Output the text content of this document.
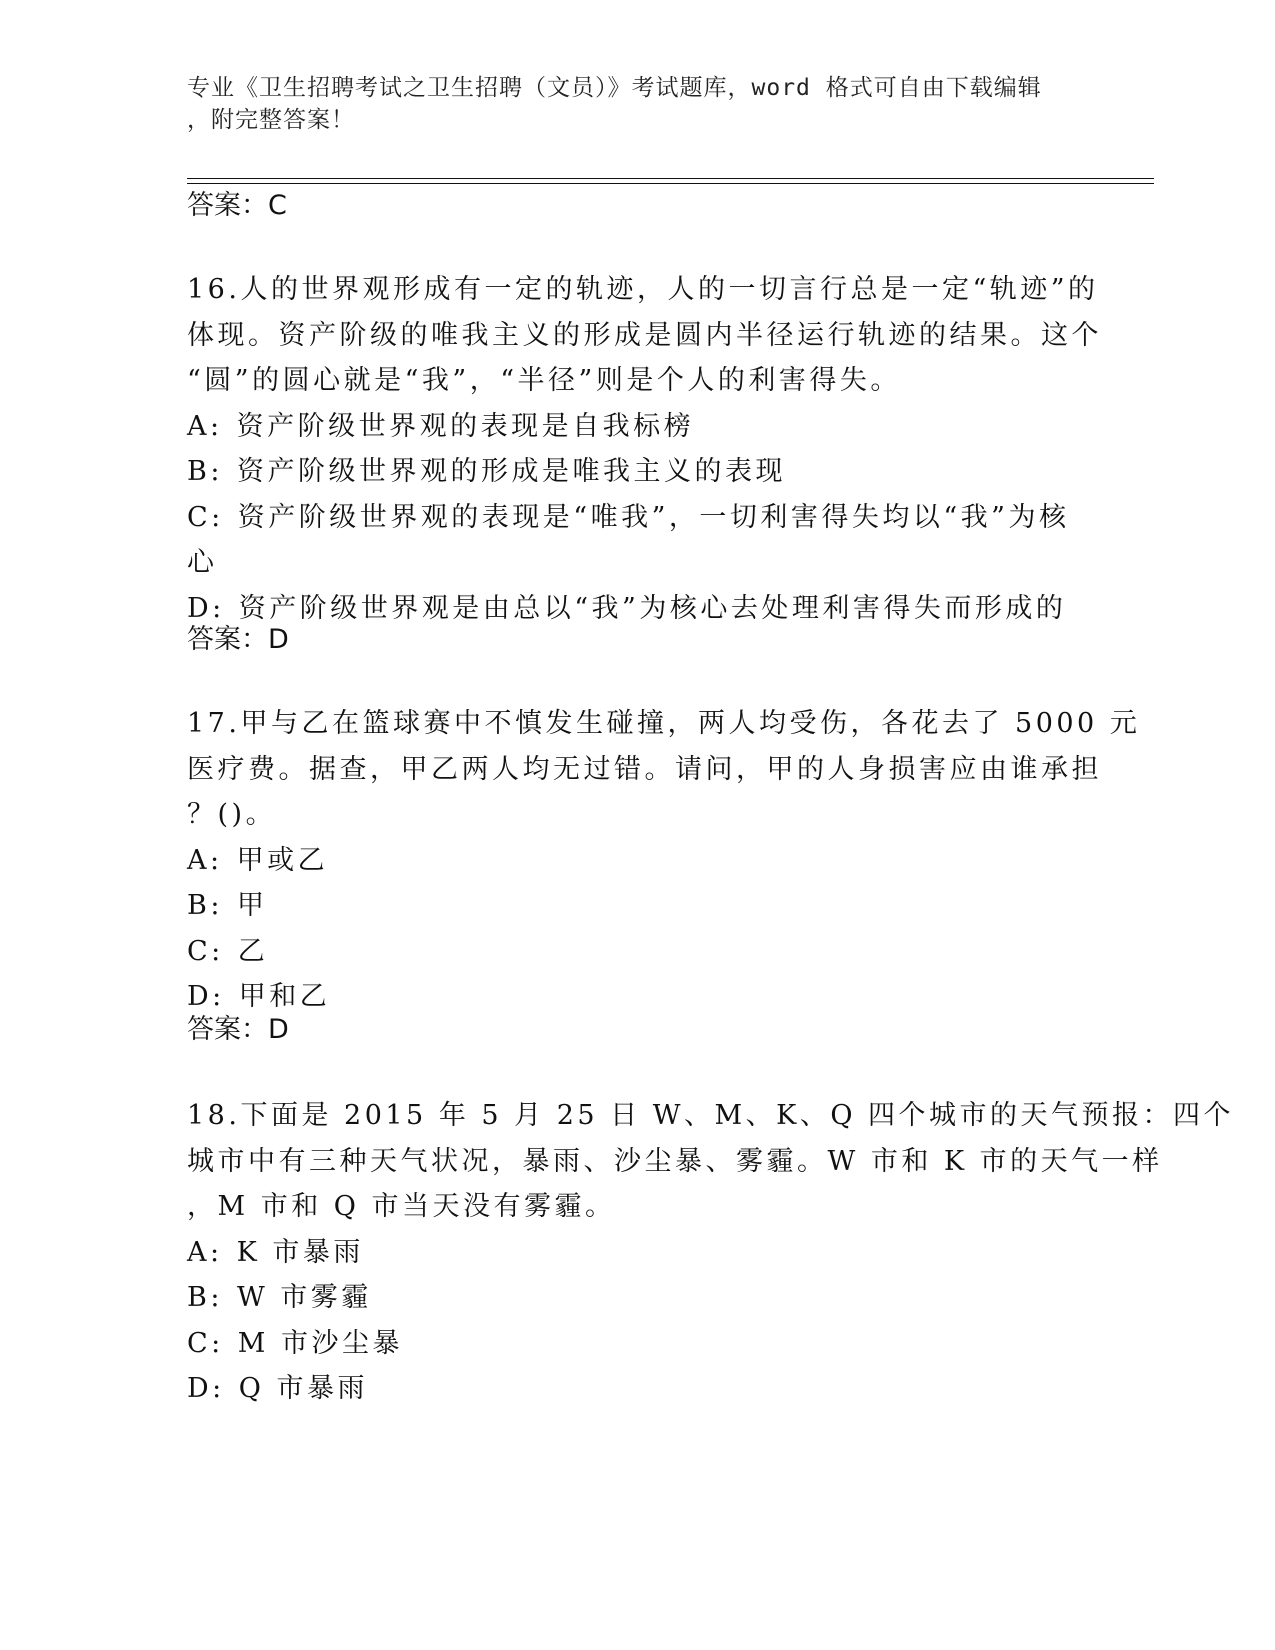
专业《卫生招聘考试之卫生招聘（文员）》考试题库，word 格式可自由下载编辑
，附完整答案！
答案：C
16.人的世界观形成有一定的轨迹，人的一切言行总是一定“轨迹”的
体现。资产阶级的唯我主义的形成是圆内半径运行轨迹的结果。这个
“圆”的圆心就是“我”，“半径”则是个人的利害得失。
A: 资产阶级世界观的表现是自我标榜
B: 资产阶级世界观的形成是唯我主义的表现
C: 资产阶级世界观的表现是“唯我”，一切利害得失均以“我”为核
心
D: 资产阶级世界观是由总以“我”为核心去处理利害得失而形成的
答案：D
17.甲与乙在篮球赛中不慎发生碰撞，两人均受伤，各花去了 5000 元
医疗费。据查，甲乙两人均无过错。请问，甲的人身损害应由谁承担
？()。
A: 甲或乙
B: 甲
C: 乙
D: 甲和乙
答案：D
18.下面是 2015 年 5 月 25 日 W、M、K、Q 四个城市的天气预报：四个
城市中有三种天气状况，暴雨、沙尘暴、雾霾。W 市和 K 市的天气一样
，M 市和 Q 市当天没有雾霾。
A: K 市暴雨
B: W 市雾霾
C: M 市沙尘暴
D: Q 市暴雨
